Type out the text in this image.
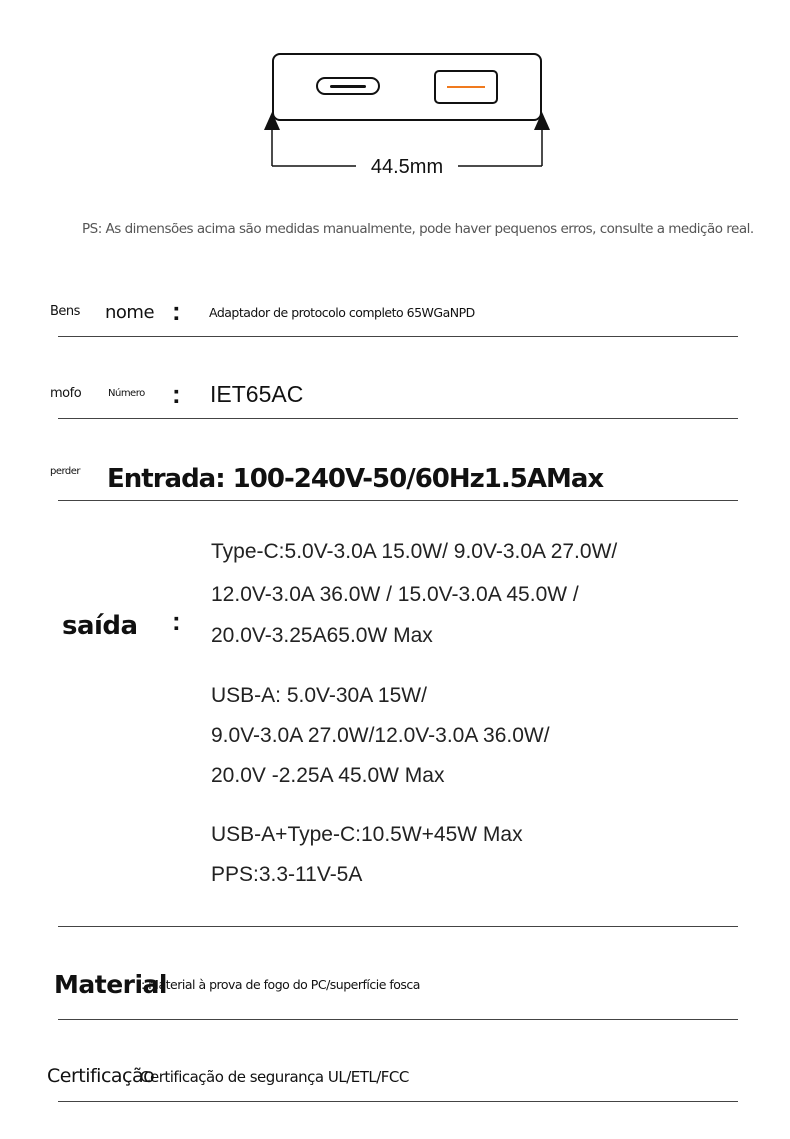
44.5mm
PS: As dimensões acima são medidas manualmente, pode haver pequenos erros, consulte a medição real.
Bens nome : Adaptador de protocolo completo 65WGaNPD
mofo	Número : IET65AC
perder Entrada: 100-240V-50/60Hz1.5AMax
saída :
Type-C:5.0V-3.0A 15.0W/ 9.0V-3.0A 27.0W/
12.0V-3.0A 36.0W / 15.0V-3.0A 45.0W /
20.0V-3.25A65.0W Max
USB-A: 5.0V-30A 15W/
9.0V-3.0A 27.0W/12.0V-3.0A 36.0W/
20.0V -2.25A 45.0W Max
USB-A+Type-C:10.5W+45W Max
PPS:3.3-11V-5A
Material
: Material à prova de fogo do PC/superfície fosca
Certificação
Certificação de segurança UL/ETL/FCC
